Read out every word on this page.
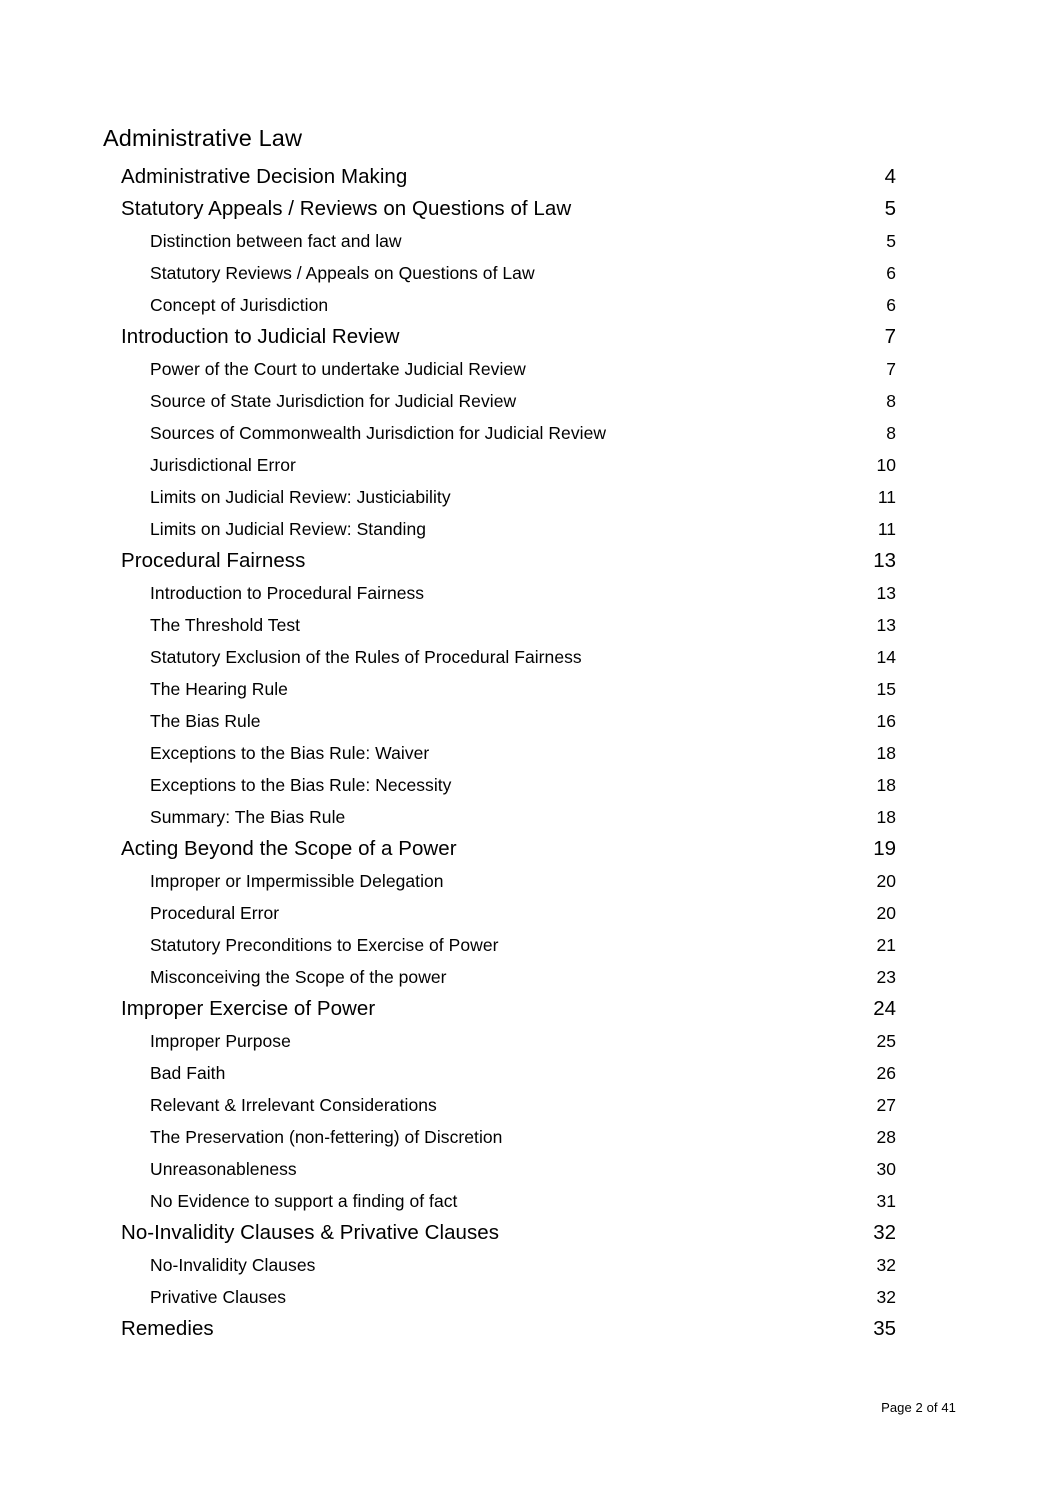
Administrative Law
Administrative Decision Making	4
Statutory Appeals / Reviews on Questions of Law	5
Distinction between fact and law	5
Statutory Reviews / Appeals on Questions of Law	6
Concept of Jurisdiction	6
Introduction to Judicial Review	7
Power of the Court to undertake Judicial Review	7
Source of State Jurisdiction for Judicial Review	8
Sources of Commonwealth Jurisdiction for Judicial Review	8
Jurisdictional Error	10
Limits on Judicial Review: Justiciability	11
Limits on Judicial Review: Standing	11
Procedural Fairness	13
Introduction to Procedural Fairness	13
The Threshold Test	13
Statutory Exclusion of the Rules of Procedural Fairness	14
The Hearing Rule	15
The Bias Rule	16
Exceptions to the Bias Rule: Waiver	18
Exceptions to the Bias Rule: Necessity	18
Summary: The Bias Rule	18
Acting Beyond the Scope of a Power	19
Improper or Impermissible Delegation	20
Procedural Error	20
Statutory Preconditions to Exercise of Power	21
Misconceiving the Scope of the power	23
Improper Exercise of Power	24
Improper Purpose	25
Bad Faith	26
Relevant & Irrelevant Considerations	27
The Preservation (non-fettering) of Discretion	28
Unreasonableness	30
No Evidence to support a finding of fact	31
No-Invalidity Clauses & Privative Clauses	32
No-Invalidity Clauses	32
Privative Clauses	32
Remedies	35
Page 2 of 41
